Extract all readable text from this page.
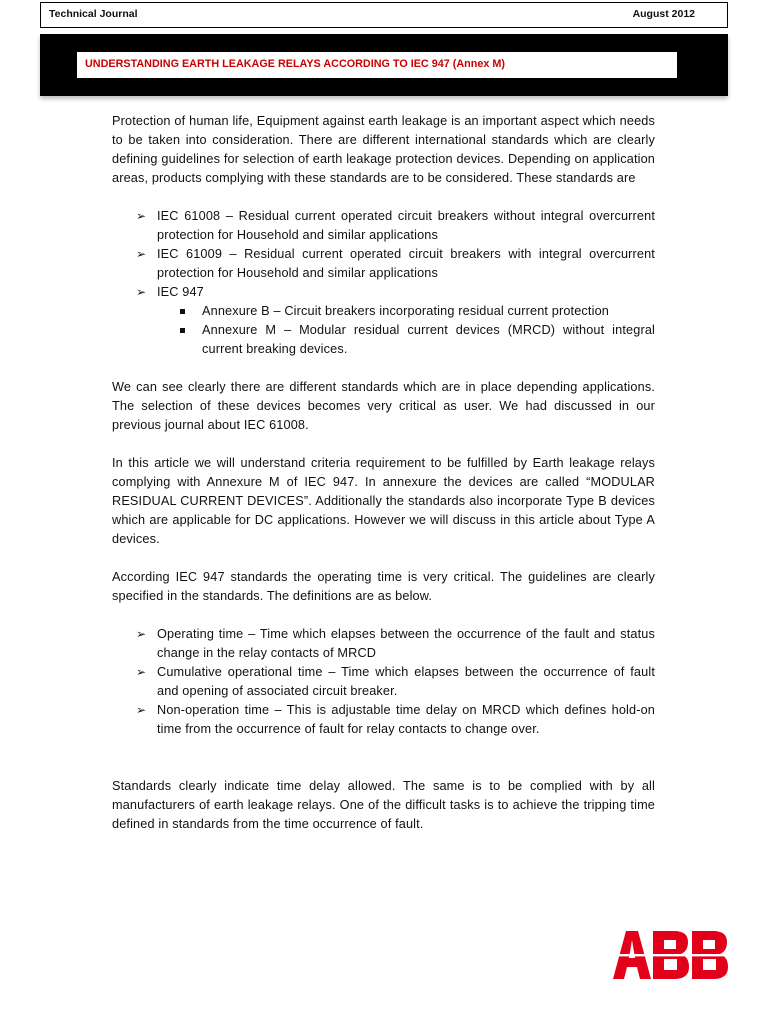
Technical Journal	August 2012
UNDERSTANDING EARTH LEAKAGE RELAYS ACCORDING TO IEC 947 (Annex M)

Protection of human life, Equipment against earth leakage is an important aspect which needs to be taken into consideration. There are different international standards which are clearly defining guidelines for selection of earth leakage protection devices. Depending on application areas, products complying with these standards are to be considered. These standards are

➢ IEC 61008 – Residual current operated circuit breakers without integral overcurrent protection for Household and similar applications
➢ IEC 61009 – Residual current operated circuit breakers with integral overcurrent protection for Household and similar applications
➢ IEC 947
Annexure B – Circuit breakers incorporating residual current protection
Annexure M – Modular residual current devices (MRCD) without integral current breaking devices.

We can see clearly there are different standards which are in place depending applications. The selection of these devices becomes very critical as user. We had discussed in our previous journal about IEC 61008.

In this article we will understand criteria requirement to be fulfilled by Earth leakage relays complying with Annexure M of IEC 947. In annexure the devices are called “MODULAR RESIDUAL CURRENT DEVICES”. Additionally the standards also incorporate Type B devices which are applicable for DC applications. However we will discuss in this article about Type A devices.

According IEC 947 standards the operating time is very critical. The guidelines are clearly specified in the standards. The definitions are as below.

➢ Operating time – Time which elapses between the occurrence of the fault and status change in the relay contacts of MRCD
➢ Cumulative operational time – Time which elapses between the occurrence of fault and opening of associated circuit breaker.
➢ Non-operation time – This is adjustable time delay on MRCD which defines hold-on time from the occurrence of fault for relay contacts to change over.

Standards clearly indicate time delay allowed. The same is to be complied with by all manufacturers of earth leakage relays. One of the difficult tasks is to achieve the tripping time defined in standards from the time occurrence of fault.
